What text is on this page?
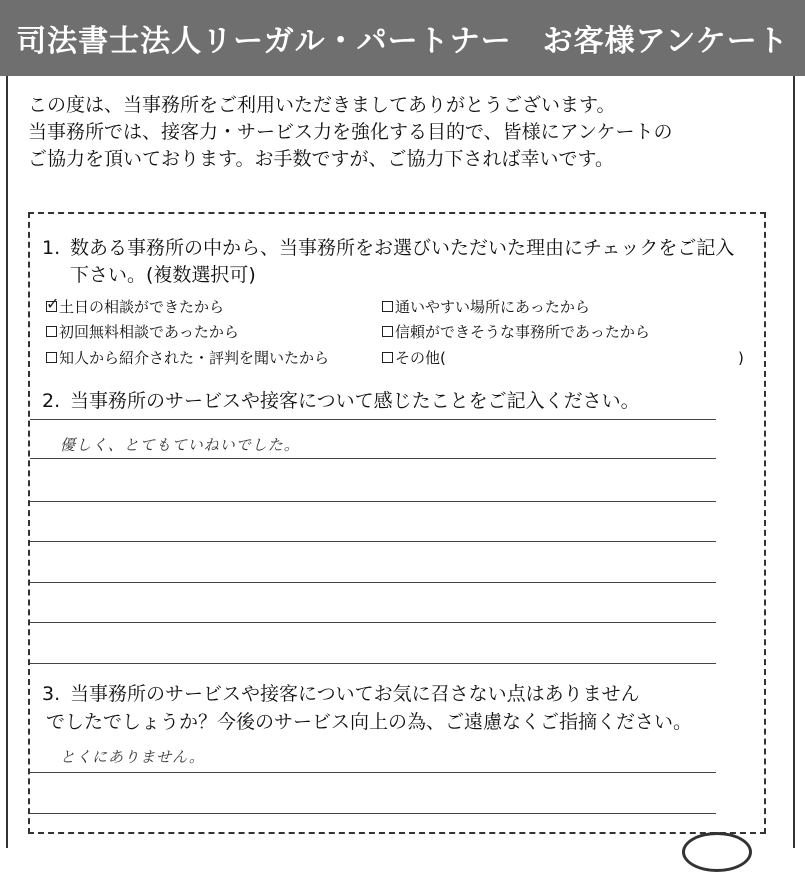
司法書士法人リーガル・パートナー　お客様アンケート
この度は、当事務所をご利用いただきましてありがとうございます。
当事務所では、接客力・サービス力を強化する目的で、皆様にアンケートの
ご協力を頂いております。お手数ですが、ご協力下されば幸いです。
1. 数ある事務所の中から、当事務所をお選びいただいた理由にチェックをご記入
下さい。(複数選択可)
✓
土日の相談ができたから	通いやすい場所にあったから
初回無料相談であったから	信頼ができそうな事務所であったから
知人から紹介された・評判を聞いたから	その他(	)
2. 当事務所のサービスや接客について感じたことをご記入ください。
優しく、とてもていねいでした。
3. 当事務所のサービスや接客についてお気に召さない点はありません
でしたでしょうか？今後のサービス向上の為、ご遠慮なくご指摘ください。
とくにありません。
